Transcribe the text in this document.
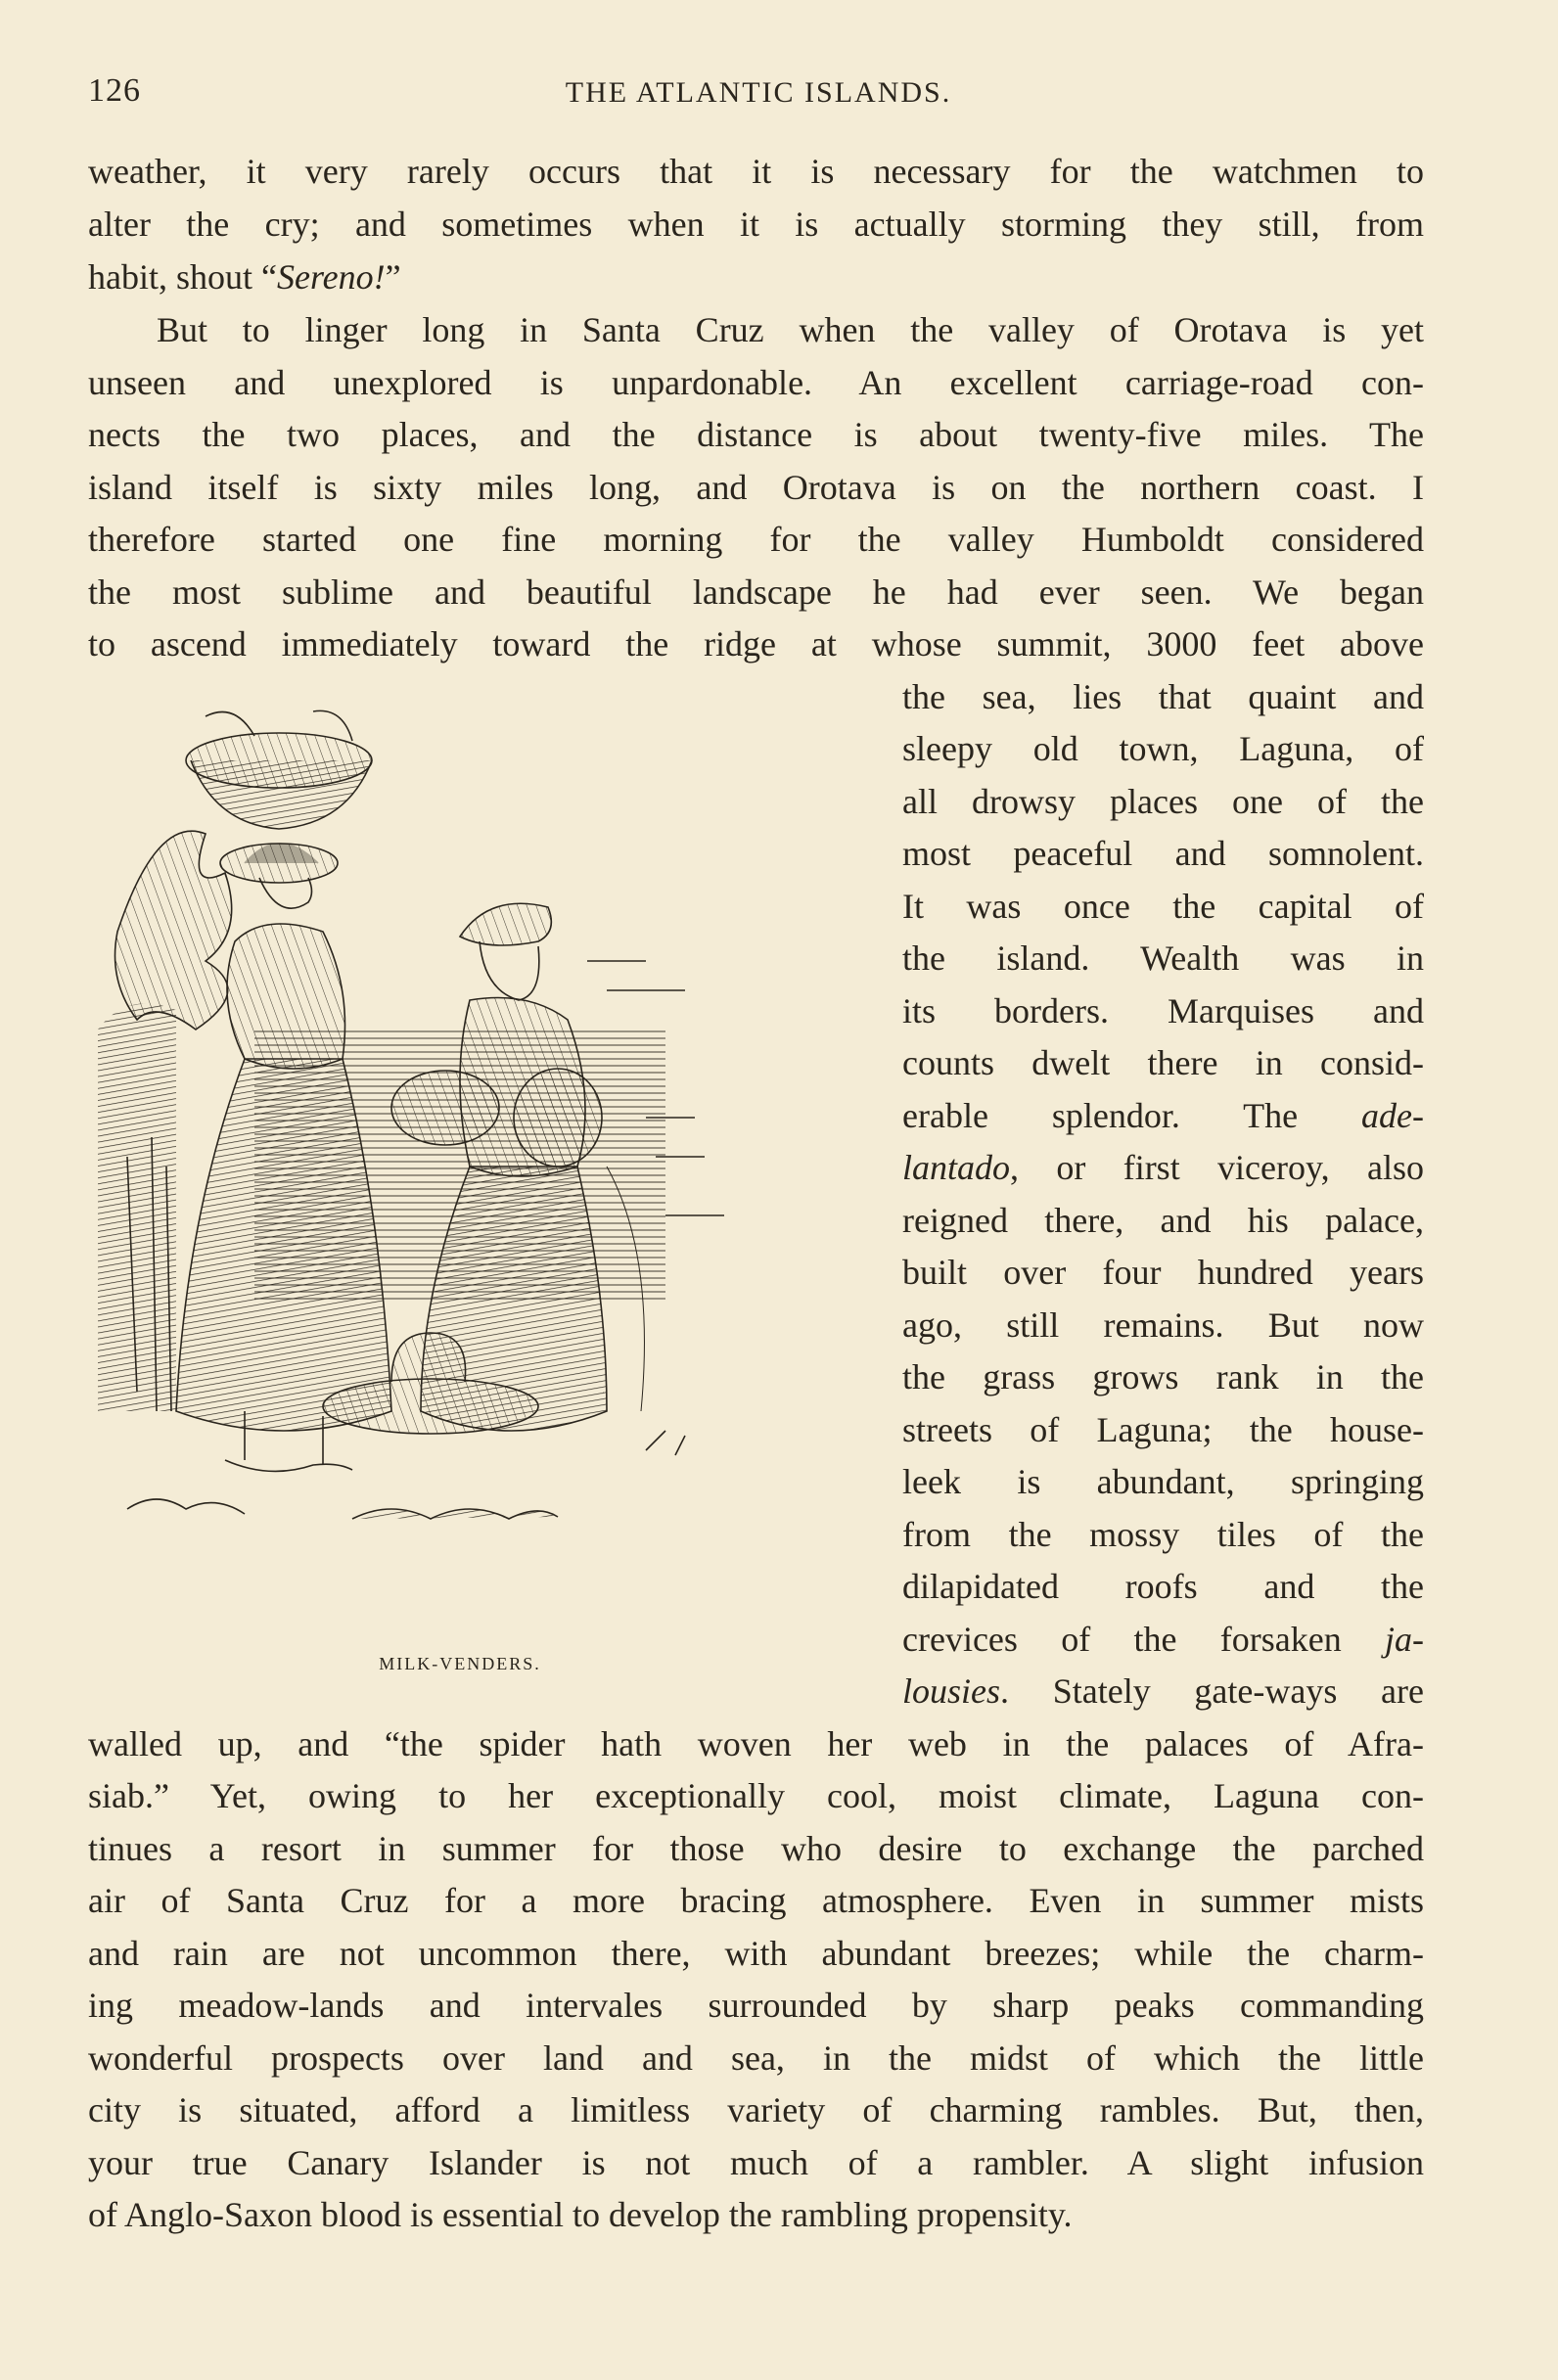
126	THE ATLANTIC ISLANDS.
weather, it very rarely occurs that it is necessary for the watchmen to
alter the cry; and sometimes when it is actually storming they still, from
habit, shout “Sereno!”
But to linger long in Santa Cruz when the valley of Orotava is yet
unseen and unexplored is unpardonable. An excellent carriage-road con-
nects the two places, and the distance is about twenty-five miles. The
island itself is sixty miles long, and Orotava is on the northern coast. I
therefore started one fine morning for the valley Humboldt considered
the most sublime and beautiful landscape he had ever seen. We began
to ascend immediately toward the ridge at whose summit, 3000 feet above
the sea, lies that quaint and
sleepy old town, Laguna, of
all drowsy places one of the
most peaceful and somnolent.
It was once the capital of
the island. Wealth was in
its borders. Marquises and
counts dwelt there in consid-
erable splendor. The ade-
lantado, or first viceroy, also
reigned there, and his palace,
built over four hundred years
ago, still remains. But now
the grass grows rank in the
streets of Laguna; the house-
leek is abundant, springing
from the mossy tiles of the
dilapidated roofs and the
crevices of the forsaken ja-
lousies. Stately gate-ways are
walled up, and “the spider hath woven her web in the palaces of Afra-
siab.” Yet, owing to her exceptionally cool, moist climate, Laguna con-
tinues a resort in summer for those who desire to exchange the parched
air of Santa Cruz for a more bracing atmosphere. Even in summer mists
and rain are not uncommon there, with abundant breezes; while the charm-
ing meadow-lands and intervales surrounded by sharp peaks commanding
wonderful prospects over land and sea, in the midst of which the little
city is situated, afford a limitless variety of charming rambles. But, then,
your true Canary Islander is not much of a rambler. A slight infusion
of Anglo-Saxon blood is essential to develop the rambling propensity.
MILK-VENDERS.
